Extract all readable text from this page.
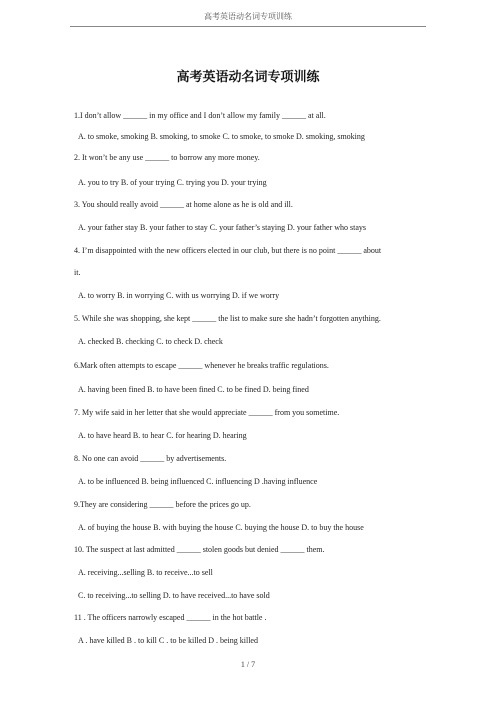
高考英语动名词专项训练
高考英语动名词专项训练
1.I don’t allow ______ in my office and I don’t allow my family ______ at all.
A. to smoke, smoking B. smoking, to smoke C. to smoke, to smoke D. smoking, smoking
2. It won’t be any use ______ to borrow any more money.
A. you to try B. of your trying C. trying you D. your trying
3. You should really avoid ______ at home alone as he is old and ill.
A. your father stay B. your father to stay C. your father’s staying D. your father who stays
4. I’m disappointed with the new officers elected in our club, but there is no point ______ about
it.
A. to worry B. in worrying C. with us worrying D. if we worry
5. While she was shopping, she kept ______ the list to make sure she hadn’t forgotten anything.
A. checked B. checking C. to check D. check
6.Mark often attempts to escape ______ whenever he breaks traffic regulations.
A. having been fined B. to have been fined C. to be fined D. being fined
7. My wife said in her letter that she would appreciate ______ from you sometime.
A. to have heard B. to hear C. for hearing D. hearing
8. No one can avoid ______ by advertisements.
A. to be influenced B. being influenced C. influencing D .having influence
9.They are considering ______ before the prices go up.
A. of buying the house B. with buying the house C. buying the house D. to buy the house
10. The suspect at last admitted ______ stolen goods but denied ______ them.
A. receiving...selling B. to receive...to sell
C. to receiving...to selling D. to have received...to have sold
11 . The officers narrowly escaped ______ in the hot battle .
A . have killed B . to kill C . to be killed D . being killed
1 / 7
